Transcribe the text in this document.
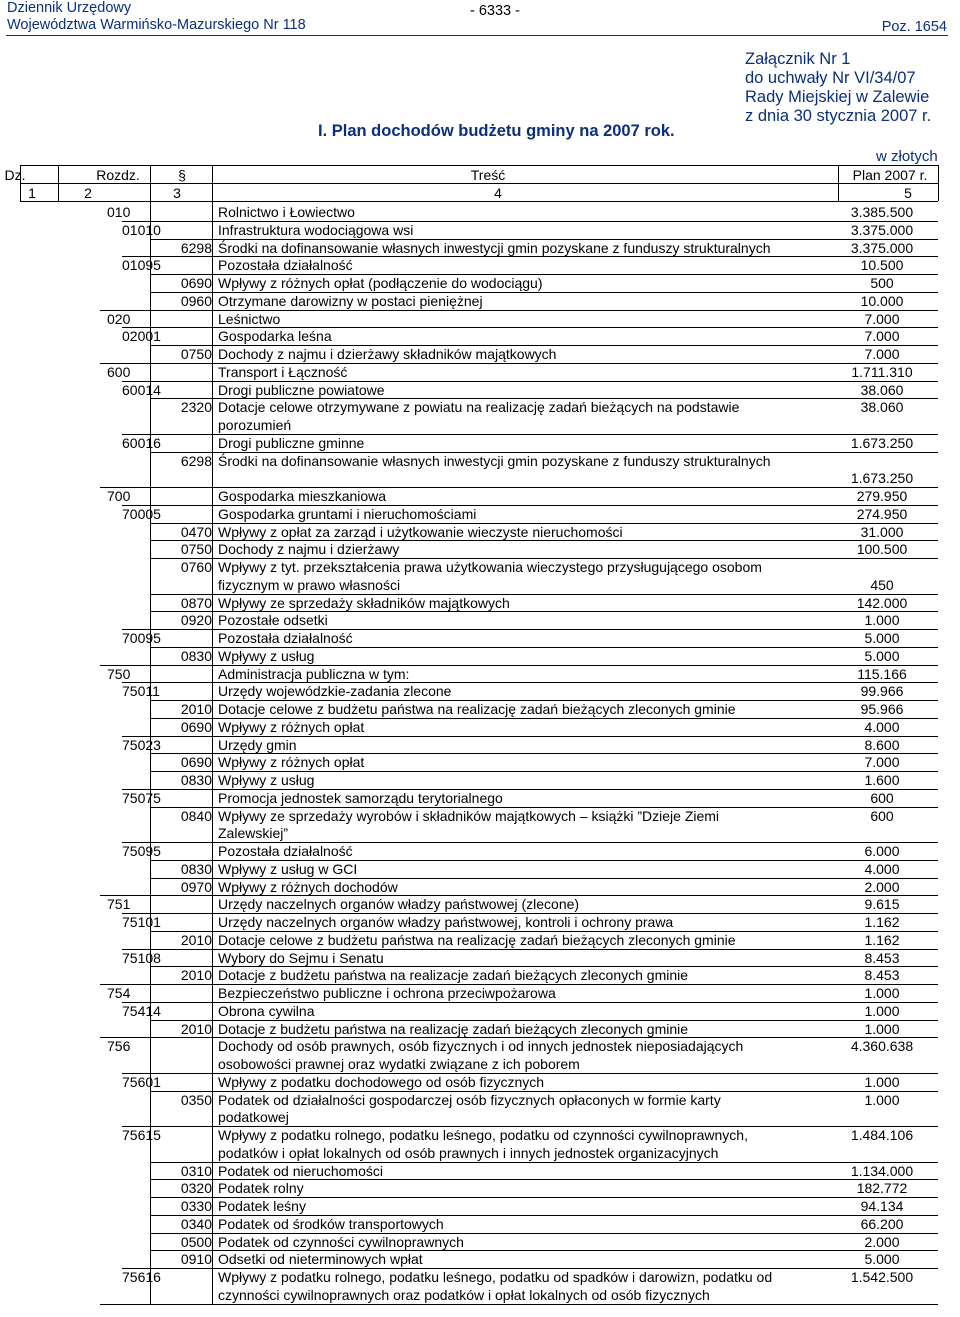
Dziennik Urzędowy
Województwa Warmińsko-Mazurskiego Nr 118
- 6333 -
Poz. 1654
Załącznik Nr 1
do uchwały Nr VI/34/07
Rady Miejskiej w Zalewie
z dnia 30 stycznia 2007 r.
I. Plan dochodów budżetu gminy na 2007 rok.
w złotych
Dz.	Rozdz.	§	Treść	Plan 2007 r.
1	2	3	4	5
010	Rolnictwo i Łowiectwo	3.385.500
01010	Infrastruktura wodociągowa wsi	3.375.000
6298 Środki na dofinansowanie własnych inwestycji gmin pozyskane z funduszy strukturalnych	3.375.000
01095	Pozostała działalność	10.500
0690 Wpływy z różnych opłat (podłączenie do wodociągu)	500
0960 Otrzymane darowizny w postaci pieniężnej	10.000
020	Leśnictwo	7.000
02001	Gospodarka leśna	7.000
0750 Dochody z najmu i dzierżawy składników majątkowych	7.000
600	Transport i Łączność	1.711.310
60014	Drogi publiczne powiatowe	38.060
2320 Dotacje celowe otrzymywane z powiatu na realizację zadań bieżących na podstawie	38.060
porozumień
60016	Drogi publiczne gminne	1.673.250
6298 Środki na dofinansowanie własnych inwestycji gmin pozyskane z funduszy strukturalnych
1.673.250
700	Gospodarka mieszkaniowa	279.950
70005	Gospodarka gruntami i nieruchomościami	274.950
0470 Wpływy z opłat za zarząd i użytkowanie wieczyste nieruchomości	31.000
0750 Dochody z najmu i dzierżawy	100.500
0760 Wpływy z tyt. przekształcenia prawa użytkowania wieczystego przysługującego osobom
fizycznym w prawo własności	450
0870 Wpływy ze sprzedaży składników majątkowych	142.000
0920 Pozostałe odsetki	1.000
70095	Pozostała działalność	5.000
0830 Wpływy z usług	5.000
750	Administracja publiczna w tym:	115.166
75011	Urzędy wojewódzkie-zadania zlecone	99.966
2010 Dotacje celowe z budżetu państwa na realizację zadań bieżących zleconych gminie	95.966
0690 Wpływy z różnych opłat	4.000
75023	Urzędy gmin	8.600
0690 Wpływy z różnych opłat	7.000
0830 Wpływy z usług	1.600
75075	Promocja jednostek samorządu terytorialnego	600
0840 Wpływy ze sprzedaży wyrobów i składników majątkowych – książki ”Dzieje Ziemi	600
Zalewskiej”
75095	Pozostała działalność	6.000
0830 Wpływy z usług w GCI	4.000
0970 Wpływy z różnych dochodów	2.000
751	Urzędy naczelnych organów władzy państwowej (zlecone)	9.615
75101	Urzędy naczelnych organów władzy państwowej, kontroli i ochrony prawa	1.162
2010 Dotacje celowe z budżetu państwa na realizację zadań bieżących zleconych gminie	1.162
75108	Wybory do Sejmu i Senatu	8.453
2010 Dotacje z budżetu państwa na realizacje zadań bieżących zleconych gminie	8.453
754	Bezpieczeństwo publiczne i ochrona przeciwpożarowa	1.000
75414	Obrona cywilna	1.000
2010 Dotacje z budżetu państwa na realizację zadań bieżących zleconych gminie	1.000
756	Dochody od osób prawnych, osób fizycznych i od innych jednostek nieposiadających	4.360.638
osobowości prawnej oraz wydatki związane z ich poborem
75601	Wpływy z podatku dochodowego od osób fizycznych	1.000
0350 Podatek od działalności gospodarczej osób fizycznych opłaconych w formie karty	1.000
podatkowej
75615	Wpływy z podatku rolnego, podatku leśnego, podatku od czynności cywilnoprawnych,	1.484.106
podatków i opłat lokalnych od osób prawnych i innych jednostek organizacyjnych
0310 Podatek od nieruchomości	1.134.000
0320 Podatek rolny	182.772
0330 Podatek leśny	94.134
0340 Podatek od środków transportowych	66.200
0500 Podatek od czynności cywilnoprawnych	2.000
0910 Odsetki od nieterminowych wpłat	5.000
75616	Wpływy z podatku rolnego, podatku leśnego, podatku od spadków i darowizn, podatku od	1.542.500
czynności cywilnoprawnych oraz podatków i opłat lokalnych od osób fizycznych
